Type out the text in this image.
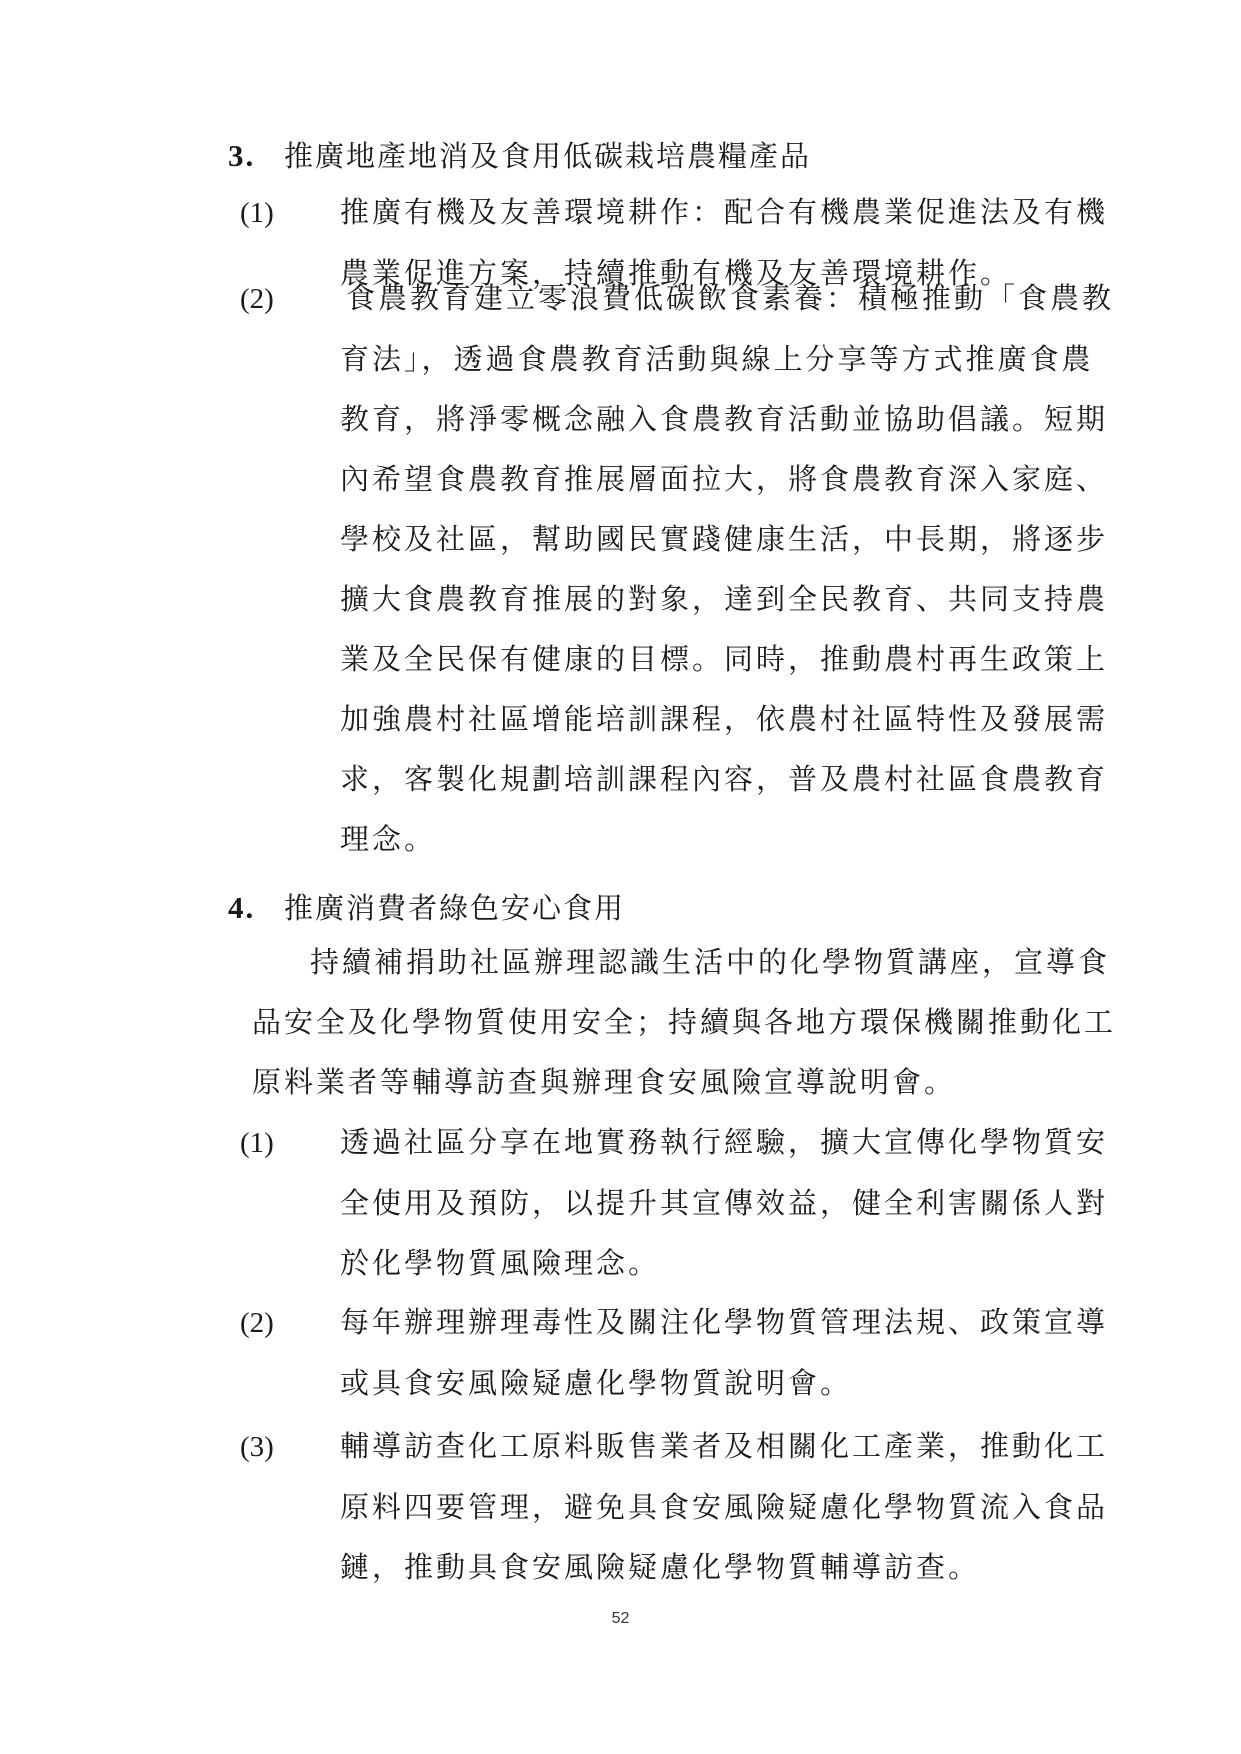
3. 推廣地產地消及食用低碳栽培農糧產品
(1) 推廣有機及友善環境耕作：配合有機農業促進法及有機農業促進方案，持續推動有機及友善環境耕作。
(2) 食農教育建立零浪費低碳飲食素養：積極推動「食農教育法」，透過食農教育活動與線上分享等方式推廣食農教育，將淨零概念融入食農教育活動並協助倡議。短期內希望食農教育推展層面拉大，將食農教育深入家庭、學校及社區，幫助國民實踐健康生活，中長期，將逐步擴大食農教育推展的對象，達到全民教育、共同支持農業及全民保有健康的目標。同時，推動農村再生政策上加強農村社區增能培訓課程，依農村社區特性及發展需求，客製化規劃培訓課程內容，普及農村社區食農教育理念。
4. 推廣消費者綠色安心食用
持續補捐助社區辦理認識生活中的化學物質講座，宣導食品安全及化學物質使用安全；持續與各地方環保機關推動化工原料業者等輔導訪查與辦理食安風險宣導說明會。
(1) 透過社區分享在地實務執行經驗，擴大宣傳化學物質安全使用及預防，以提升其宣傳效益，健全利害關係人對於化學物質風險理念。
(2) 每年辦理辦理毒性及關注化學物質管理法規、政策宣導或具食安風險疑慮化學物質說明會。
(3) 輔導訪查化工原料販售業者及相關化工產業，推動化工原料四要管理，避免具食安風險疑慮化學物質流入食品鏈，推動具食安風險疑慮化學物質輔導訪查。
52
